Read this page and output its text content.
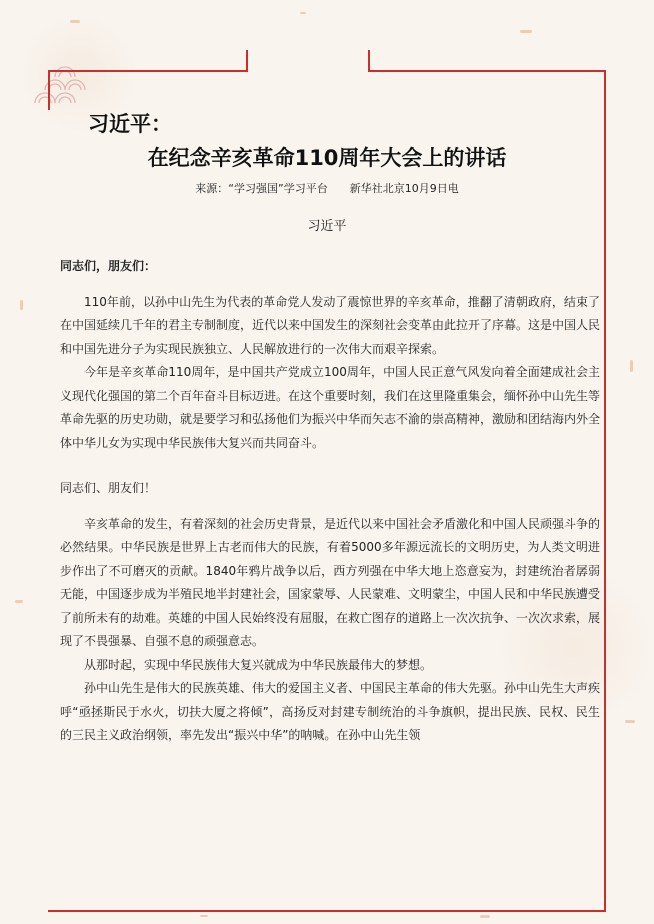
习近平：
在纪念辛亥革命110周年大会上的讲话
来源：“学习强国”学习平台　　新华社北京10月9日电
习近平

同志们，朋友们：

110年前，以孙中山先生为代表的革命党人发动了震惊世界的辛亥革命，推翻了清朝政府，结束了在中国延续几千年的君主专制制度，近代以来中国发生的深刻社会变革由此拉开了序幕。这是中国人民和中国先进分子为实现民族独立、人民解放进行的一次伟大而艰辛探索。

今年是辛亥革命110周年，是中国共产党成立100周年，中国人民正意气风发向着全面建成社会主义现代化强国的第二个百年奋斗目标迈进。在这个重要时刻，我们在这里隆重集会，缅怀孙中山先生等革命先驱的历史功勋，就是要学习和弘扬他们为振兴中华而矢志不渝的崇高精神，激励和团结海内外全体中华儿女为实现中华民族伟大复兴而共同奋斗。

同志们、朋友们！

辛亥革命的发生，有着深刻的社会历史背景，是近代以来中国社会矛盾激化和中国人民顽强斗争的必然结果。中华民族是世界上古老而伟大的民族，有着5000多年源远流长的文明历史，为人类文明进步作出了不可磨灭的贡献。1840年鸦片战争以后，西方列强在中华大地上恣意妄为，封建统治者孱弱无能，中国逐步成为半殖民地半封建社会，国家蒙辱、人民蒙难、文明蒙尘，中国人民和中华民族遭受了前所未有的劫难。英雄的中国人民始终没有屈服，在救亡图存的道路上一次次抗争、一次次求索，展现了不畏强暴、自强不息的顽强意志。

从那时起，实现中华民族伟大复兴就成为中华民族最伟大的梦想。

孙中山先生是伟大的民族英雄、伟大的爱国主义者、中国民主革命的伟大先驱。孙中山先生大声疾呼“亟拯斯民于水火，切扶大厦之将倾”，高扬反对封建专制统治的斗争旗帜，提出民族、民权、民生的三民主义政治纲领，率先发出“振兴中华”的呐喊。在孙中山先生领
